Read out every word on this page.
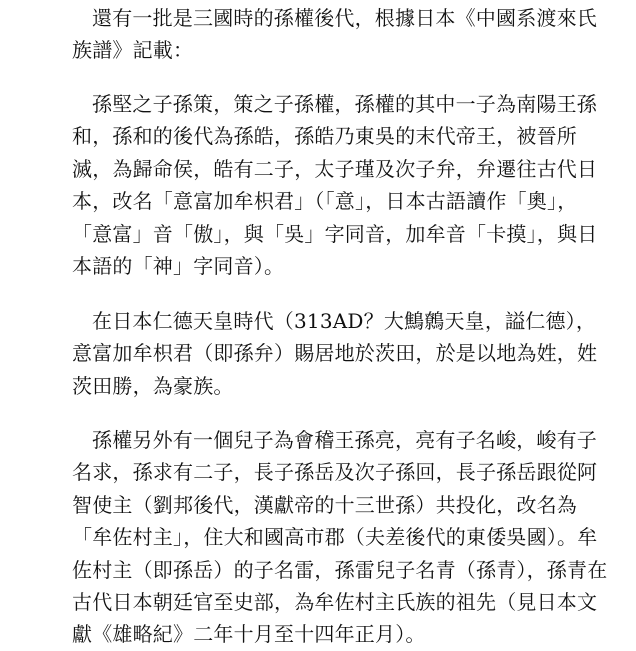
還有一批是三國時的孫權後代，根據日本《中國系渡來氏
族譜》記載：
孫堅之子孫策，策之子孫權，孫權的其中一子為南陽王孫
和，孫和的後代為孫皓，孫皓乃東吳的末代帝王，被晉所
滅，為歸命侯，皓有二子，太子瑾及次子弁，弁遷往古代日
本，改名「意富加牟枳君」（「意」，日本古語讀作「奧」，
「意富」音「傲」，與「吳」字同音，加牟音「卡摸」，與日
本語的「神」字同音）。
在日本仁德天皇時代（313AD？大鷦鷯天皇，謚仁德），
意富加牟枳君（即孫弁）賜居地於茨田，於是以地為姓，姓
茨田勝，為豪族。
孫權另外有一個兒子為會稽王孫亮，亮有子名峻，峻有子
名求，孫求有二子，長子孫岳及次子孫回，長子孫岳跟從阿
智使主（劉邦後代，漢獻帝的十三世孫）共投化，改名為
「牟佐村主」，住大和國高市郡（夫差後代的東倭吳國）。牟
佐村主（即孫岳）的子名雷，孫雷兒子名青（孫青），孫青在
古代日本朝廷官至史部，為牟佐村主氏族的祖先（見日本文
獻《雄略紀》二年十月至十四年正月）。
